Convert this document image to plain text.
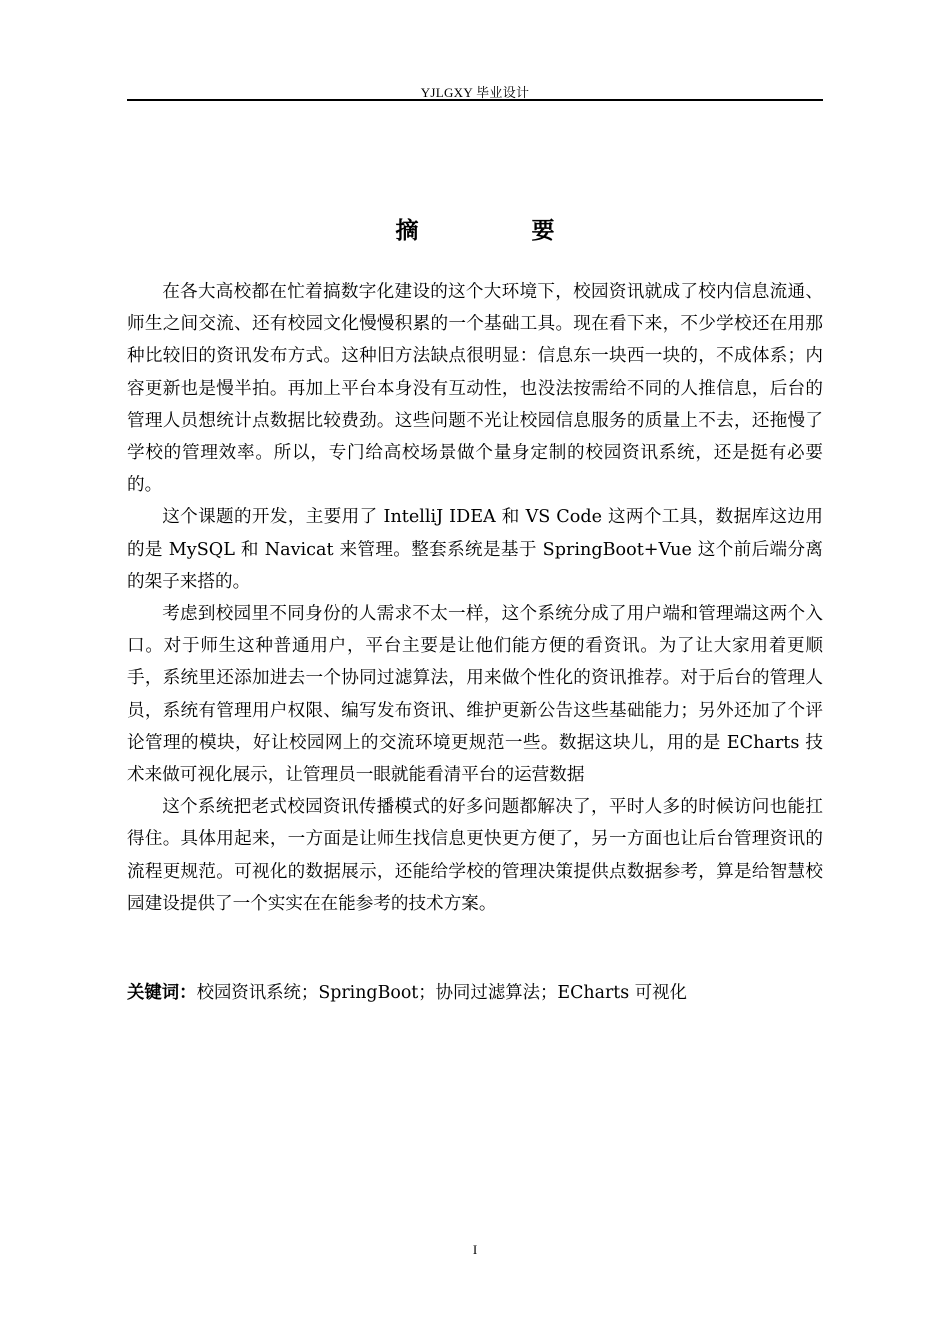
YJLGXY 毕业设计
摘　要

在各大高校都在忙着搞数字化建设的这个大环境下，校园资讯就成了校内信息流通、师生之间交流、还有校园文化慢慢积累的一个基础工具。现在看下来，不少学校还在用那种比较旧的资讯发布方式。这种旧方法缺点很明显：信息东一块西一块的，不成体系；内容更新也是慢半拍。再加上平台本身没有互动性，也没法按需给不同的人推信息，后台的管理人员想统计点数据比较费劲。这些问题不光让校园信息服务的质量上不去，还拖慢了学校的管理效率。所以，专门给高校场景做个量身定制的校园资讯系统，还是挺有必要的。

这个课题的开发，主要用了 IntelliJ IDEA 和 VS Code 这两个工具，数据库这边用的是 MySQL 和 Navicat 来管理。整套系统是基于 SpringBoot+Vue 这个前后端分离的架子来搭的。

考虑到校园里不同身份的人需求不太一样，这个系统分成了用户端和管理端这两个入口。对于师生这种普通用户，平台主要是让他们能方便的看资讯。为了让大家用着更顺手，系统里还添加进去一个协同过滤算法，用来做个性化的资讯推荐。对于后台的管理人员，系统有管理用户权限、编写发布资讯、维护更新公告这些基础能力；另外还加了个评论管理的模块，好让校园网上的交流环境更规范一些。数据这块儿，用的是 ECharts 技术来做可视化展示，让管理员一眼就能看清平台的运营数据

这个系统把老式校园资讯传播模式的好多问题都解决了，平时人多的时候访问也能扛得住。具体用起来，一方面是让师生找信息更快更方便了，另一方面也让后台管理资讯的流程更规范。可视化的数据展示，还能给学校的管理决策提供点数据参考，算是给智慧校园建设提供了一个实实在在能参考的技术方案。

关键词：校园资讯系统；SpringBoot；协同过滤算法；ECharts 可视化
I
